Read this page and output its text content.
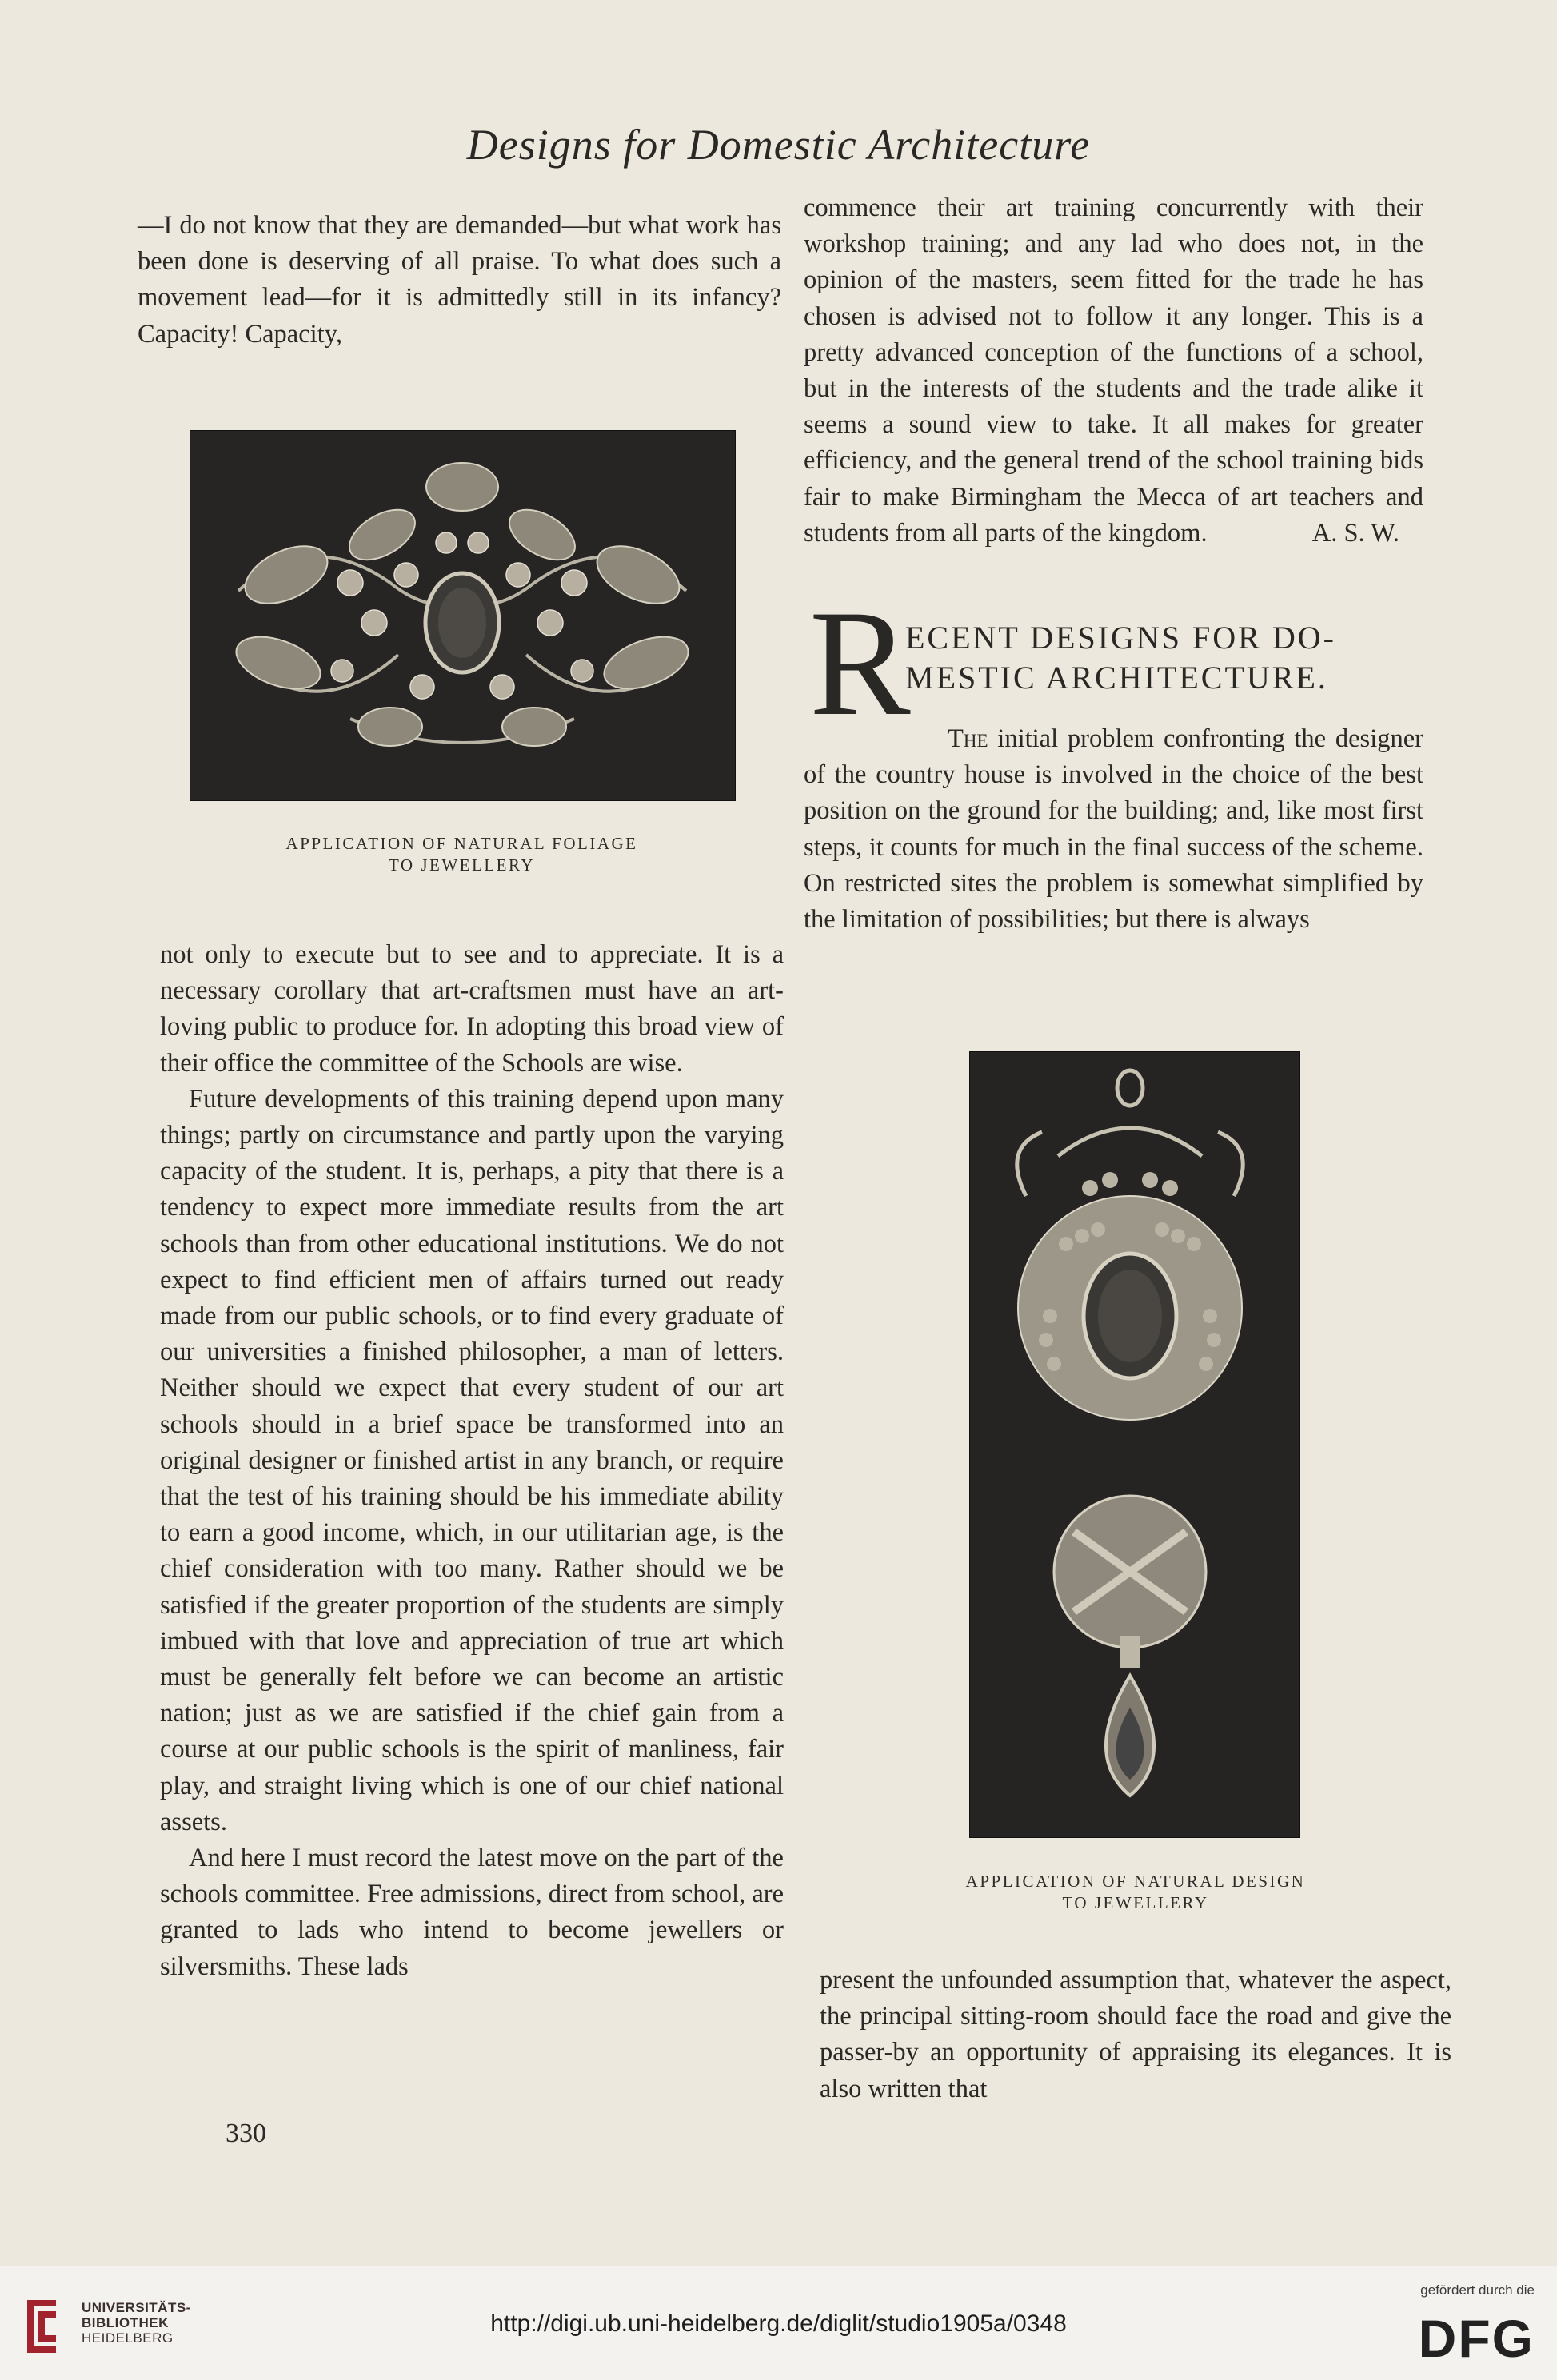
Designs for Domestic Architecture

—I do not know that they are demanded—but what work has been done is deserving of all praise. To what does such a movement lead—for it is admittedly still in its infancy? Capacity! Capacity,

APPLICATION OF NATURAL FOLIAGE
TO JEWELLERY

not only to execute but to see and to appreciate. It is a necessary corollary that art-craftsmen must have an art-loving public to produce for. In adopting this broad view of their office the committee of the Schools are wise.

Future developments of this training depend upon many things; partly on circumstance and partly upon the varying capacity of the student. It is, perhaps, a pity that there is a tendency to expect more immediate results from the art schools than from other educational institutions. We do not expect to find efficient men of affairs turned out ready made from our public schools, or to find every graduate of our universities a finished philosopher, a man of letters. Neither should we expect that every student of our art schools should in a brief space be transformed into an original designer or finished artist in any branch, or require that the test of his training should be his immediate ability to earn a good income, which, in our utilitarian age, is the chief consideration with too many. Rather should we be satisfied if the greater proportion of the students are simply imbued with that love and appreciation of true art which must be generally felt before we can become an artistic nation; just as we are satisfied if the chief gain from a course at our public schools is the spirit of manliness, fair play, and straight living which is one of our chief national assets.

And here I must record the latest move on the part of the schools committee. Free admissions, direct from school, are granted to lads who intend to become jewellers or silversmiths. These lads

commence their art training concurrently with their workshop training; and any lad who does not, in the opinion of the masters, seem fitted for the trade he has chosen is advised not to follow it any longer. This is a pretty advanced conception of the functions of a school, but in the interests of the students and the trade alike it seems a sound view to take. It all makes for greater efficiency, and the general trend of the school training bids fair to make Birmingham the Mecca of art teachers and students from all parts of the kingdom.	A. S. W.

R
ECENT DESIGNS FOR DO-
MESTIC ARCHITECTURE.

The initial problem confronting the designer of the country house is involved in the choice of the best position on the ground for the building; and, like most first steps, it counts for much in the final success of the scheme. On restricted sites the problem is somewhat simplified by the limitation of possibilities; but there is always

APPLICATION OF NATURAL DESIGN
TO JEWELLERY

present the unfounded assumption that, whatever the aspect, the principal sitting-room should face the road and give the passer-by an opportunity of appraising its elegances. It is also written that

330
UNIVERSITÄTS-
BIBLIOTHEK
HEIDELBERG
http://digi.ub.uni-heidelberg.de/diglit/studio1905a/0348
gefördert durch die
DFG
